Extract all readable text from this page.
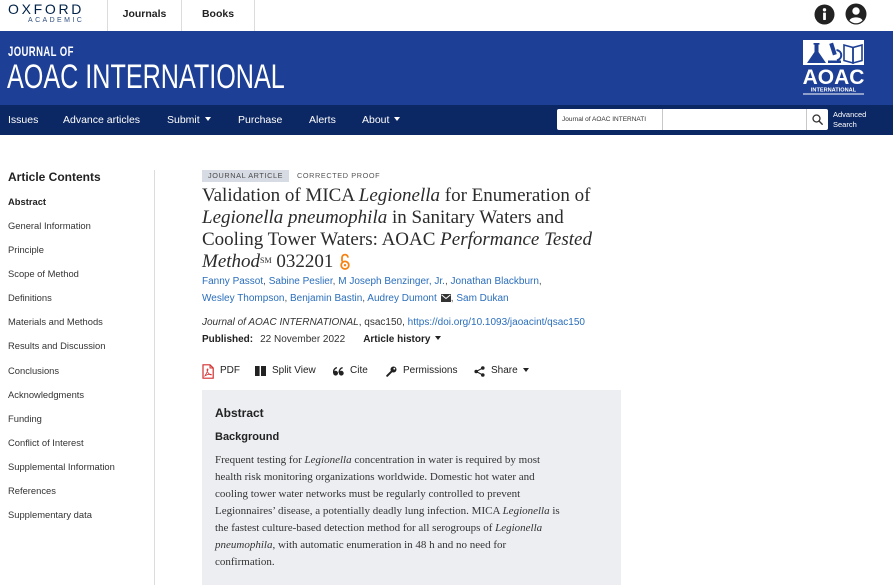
OXFORD
ACADEMIC
Journals	Books
JOURNAL OF
AOAC INTERNATIONAL	AOAC
INTERNATIONAL
Issues Advance articles	Submit	Purchase	Alerts About	Journal of AOAC INTERNATI
Advanced
Search
Article Contents
Abstract
General Information
Principle
Scope of Method
Definitions
Materials and Methods
Results and Discussion
Conclusions
Acknowledgments
Funding
Conflict of Interest
Supplemental Information
References
Supplementary data
JOURNAL ARTICLE	CORRECTED PROOF
Validation of MICA Legionella for Enumeration of
Legionella pneumophila in Sanitary Waters and
Cooling Tower Waters: AOAC Performance Tested
Method℠ 032201
Fanny Passot, Sabine Peslier, M Joseph Benzinger, Jr., Jonathan Blackburn,
Wesley Thompson, Benjamin Bastin, Audrey Dumont , Sam Dukan
Journal of AOAC INTERNATIONAL, qsac150, https://doi.org/10.1093/jaoacint/qsac150
Published: 22 November 2022 Article history
PDF	Split View	Cite	Permissions	Share
Abstract
Background
Frequent testing for Legionella concentration in water is required by most
health risk monitoring organizations worldwide. Domestic hot water and
cooling tower water networks must be regularly controlled to prevent
Legionnaires’ disease, a potentially deadly lung infection. MICA Legionella is
the fastest culture-based detection method for all serogroups of Legionella
pneumophila, with automatic enumeration in 48 h and no need for
confirmation.
